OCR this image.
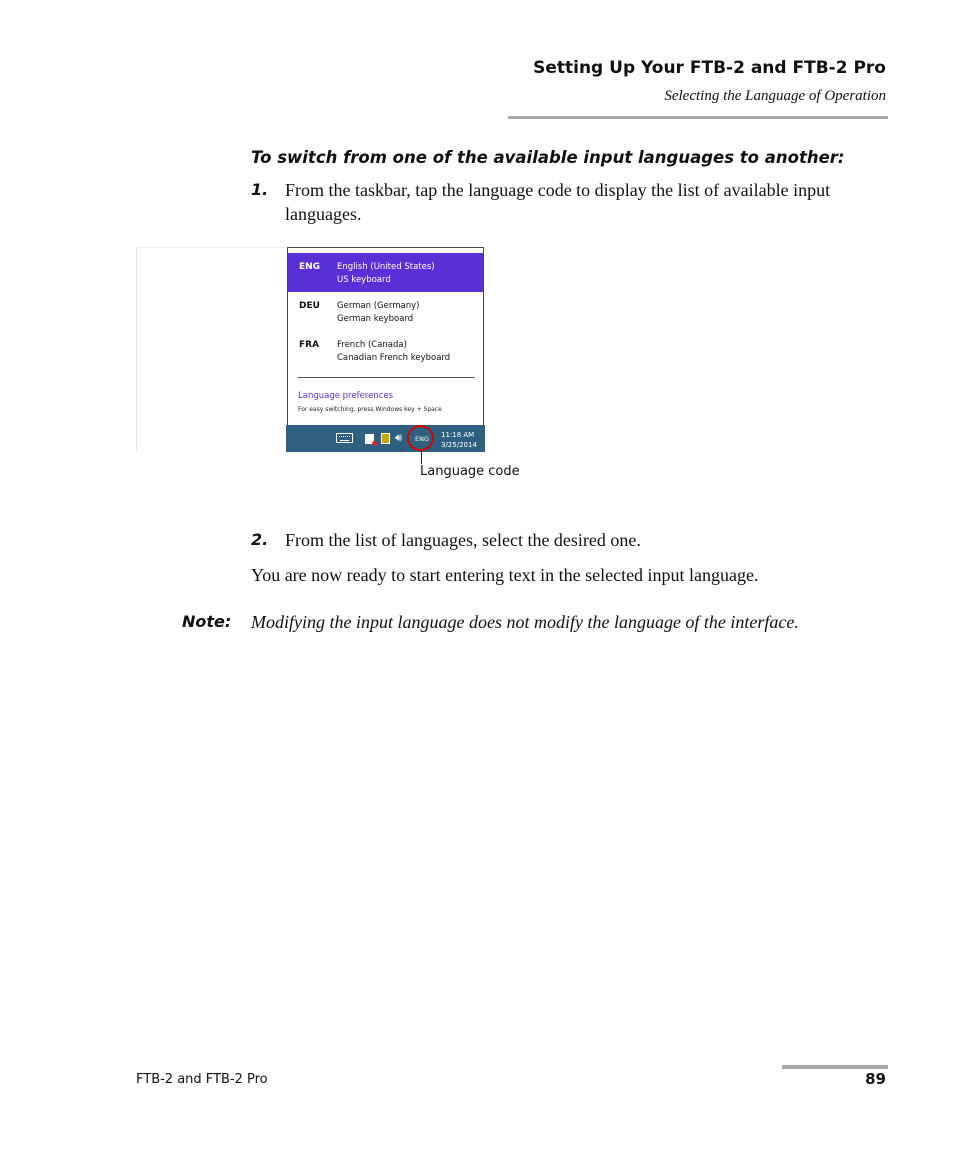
Setting Up Your FTB-2 and FTB-2 Pro
Selecting the Language of Operation
To switch from one of the available input languages to another:
1. From the taskbar, tap the language code to display the list of available input languages.
ENG English (United States)
US keyboard
DEU German (Germany)
German keyboard
FRA French (Canada)
Canadian French keyboard
Language preferences
For easy switching, press Windows key + Space
🔊︎ ENG 11:18 AM
3/25/2014
Language code
2. From the list of languages, select the desired one.
You are now ready to start entering text in the selected input language.
Note: Modifying the input language does not modify the language of the interface.
FTB-2 and FTB-2 Pro	89
